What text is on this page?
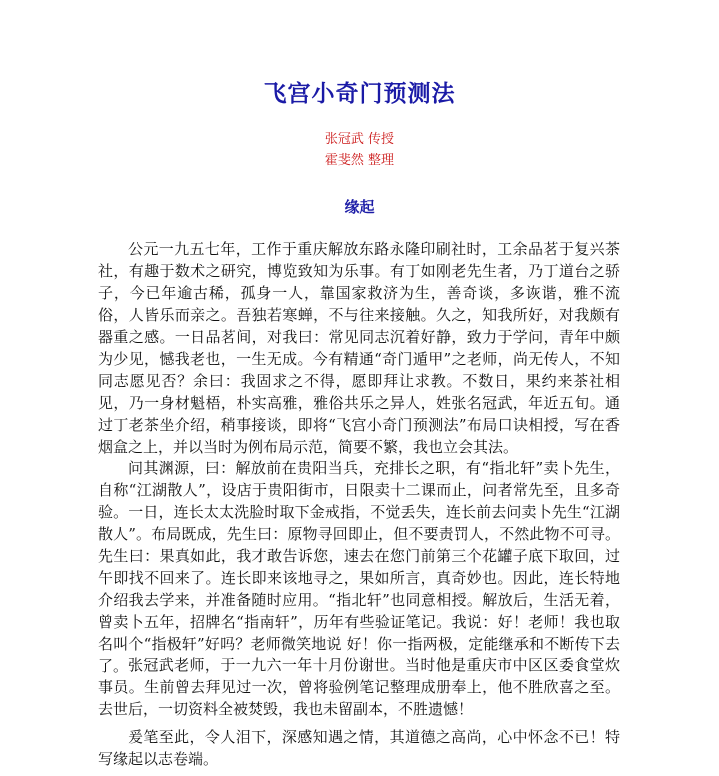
飞宫小奇门预测法
张冠武 传授
霍斐然 整理
缘起

公元一九五七年，工作于重庆解放东路永隆印刷社时，工余品茗于复兴茶社，有趣于数术之研究，博览致知为乐事。有丁如刚老先生者，乃丁道台之骄子，今已年逾古稀，孤身一人，靠国家救济为生，善奇谈，多诙谐，雅不流俗，人皆乐而亲之。吾独若寒蝉，不与往来接触。久之，知我所好，对我颇有器重之感。一日品茗间，对我曰：常见同志沉着好静，致力于学问，青年中颇为少见，憾我老也，一生无成。今有精通“奇门遁甲”之老师，尚无传人，不知同志愿见否？余曰：我固求之不得，愿即拜让求教。不数日，果约来茶社相见，乃一身材魁梧，朴实高雅，雅俗共乐之异人，姓张名冠武，年近五旬。通过丁老茶坐介绍，稍事接谈，即将“飞宫小奇门预测法”布局口诀相授，写在香烟盒之上，并以当时为例布局示范，简要不繁，我也立会其法。

问其渊源，曰：解放前在贵阳当兵，充排长之职，有“指北轩”卖卜先生，自称“江湖散人”，设店于贵阳街市，日限卖十二课而止，问者常先至，且多奇验。一日，连长太太洗脸时取下金戒指，不觉丢失，连长前去问卖卜先生“江湖散人”。布局既成，先生曰：原物寻回即止，但不要责罚人，不然此物不可寻。先生曰：果真如此，我才敢告诉您，速去在您门前第三个花罐子底下取回，过午即找不回来了。连长即来该地寻之，果如所言，真奇妙也。因此，连长特地介绍我去学来，并准备随时应用。“指北轩”也同意相授。解放后，生活无着，曾卖卜五年，招牌名“指南轩”，历年有些验证笔记。我说：好！老师！我也取名叫个“指极轩”好吗？老师微笑地说 好！你一指两极，定能继承和不断传下去了。 张冠武老师，于一九六一年十月份谢世。当时他是重庆市中区区委食堂炊事员。生前曾去拜见过一次，曾将验例笔记整理成册奉上，他不胜欣喜之至。去世后，一切资料全被焚毁，我也未留副本，不胜遗憾！

爰笔至此，令人泪下，深感知遇之情，其道德之高尚，心中怀念不已！特写缘起以志卷端。
